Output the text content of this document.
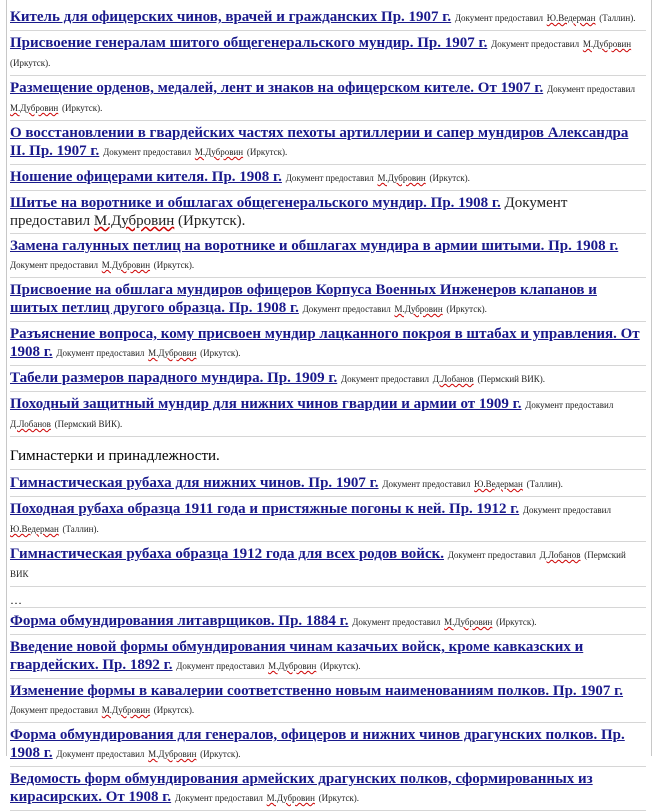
Китель для офицерских чинов, врачей и гражданских Пр. 1907 г. Документ предоставил Ю.Ведерман (Таллин).
Присвоение генералам шитого общегенеральского мундир. Пр. 1907 г. Документ предоставил М.Дубровин (Иркутск).
Размещение орденов, медалей, лент и знаков на офицерском кителе. От 1907 г. Документ предоставил М.Дубровин (Иркутск).
О восстановлении в гвардейских частях пехоты артиллерии и сапер мундиров Александра II. Пр. 1907 г. Документ предоставил М.Дубровин (Иркутск).
Ношение офицерами кителя. Пр. 1908 г. Документ предоставил М.Дубровин (Иркутск).
Шитье на воротнике и обшлагах общегенеральского мундир. Пр. 1908 г. Документ предоставил М.Дубровин (Иркутск).
Замена галунных петлиц на воротнике и обшлагах мундира в армии шитыми. Пр. 1908 г. Документ предоставил М.Дубровин (Иркутск).
Присвоение на обшлага мундиров офицеров Корпуса Военных Инженеров клапанов и шитых петлиц другого образца. Пр. 1908 г. Документ предоставил М.Дубровин (Иркутск).
Разъяснение вопроса, кому присвоен мундир лацканного покроя в штабах и управления. От 1908 г. Документ предоставил М.Дубровин (Иркутск).
Табели размеров парадного мундира. Пр. 1909 г. Документ предоставил Д.Лобанов (Пермский ВИК).
Походный защитный мундир для нижних чинов гвардии и армии от 1909 г. Документ предоставил Д.Лобанов (Пермский ВИК).
Гимнастерки и принадлежности.
Гимнастическая рубаха для нижних чинов. Пр. 1907 г. Документ предоставил Ю.Ведерман (Таллин).
Походная рубаха образца 1911 года и пристяжные погоны к ней. Пр. 1912 г. Документ предоставил Ю.Ведерман (Таллин).
Гимнастическая рубаха образца 1912 года для всех родов войск. Документ предоставил Д.Лобанов (Пермский ВИК
…
Форма обмундирования литаврщиков. Пр. 1884 г. Документ предоставил М.Дубровин (Иркутск).
Введение новой формы обмундирования чинам казачьих войск, кроме кавказских и гвардейских. Пр. 1892 г. Документ предоставил М.Дубровин (Иркутск).
Изменение формы в кавалерии соответственно новым наименованиям полков. Пр. 1907 г. Документ предоставил М.Дубровин (Иркутск).
Форма обмундирования для генералов, офицеров и нижних чинов драгунских полков. Пр. 1908 г. Документ предоставил М.Дубровин (Иркутск).
Ведомость форм обмундирования армейских драгунских полков, сформированных из кирасирских. От 1908 г. Документ предоставил М.Дубровин (Иркутск).
